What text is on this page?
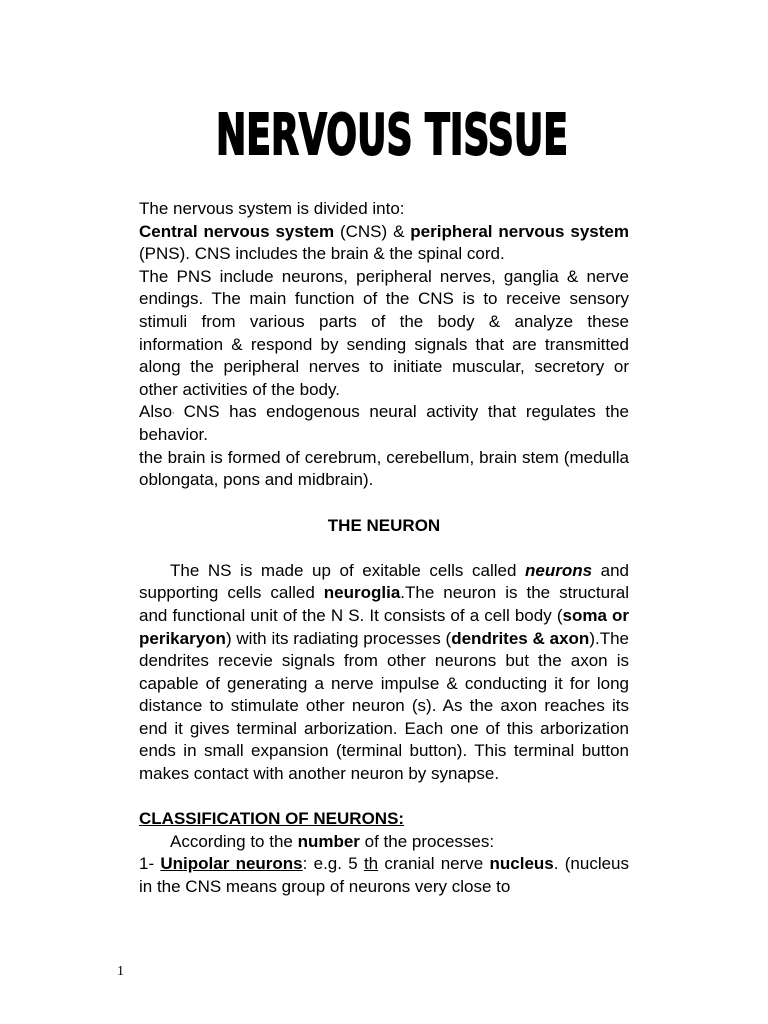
NERVOUS TISSUE

The nervous system is divided into:

Central nervous system (CNS) & peripheral nervous system (PNS). CNS includes the brain & the spinal cord.

The PNS include neurons, peripheral nerves, ganglia & nerve endings. The main function of the CNS is to receive sensory stimuli from various parts of the body & analyze these information & respond by sending signals that are transmitted along the peripheral nerves to initiate muscular, secretory or other activities of the body.

Also, CNS has endogenous neural activity that regulates the behavior.

the brain is formed of cerebrum, cerebellum, brain stem (medulla oblongata, pons and midbrain).

THE NEURON

The NS is made up of exitable cells called neurons and supporting cells called neuroglia.The neuron is the structural and functional unit of the N S. It consists of a cell body (soma or perikaryon) with its radiating processes (dendrites & axon).The dendrites recevie signals from other neurons but the axon is capable of generating a nerve impulse & conducting it for long distance to stimulate other neuron (s). As the axon reaches its end it gives terminal arborization. Each one of this arborization ends in small expansion (terminal button). This terminal button makes contact with another neuron by synapse.

CLASSIFICATION OF NEURONS:

According to the number of the processes:

1- Unipolar neurons: e.g. 5 th cranial nerve nucleus. (nucleus in the CNS means group of neurons very close to

1
